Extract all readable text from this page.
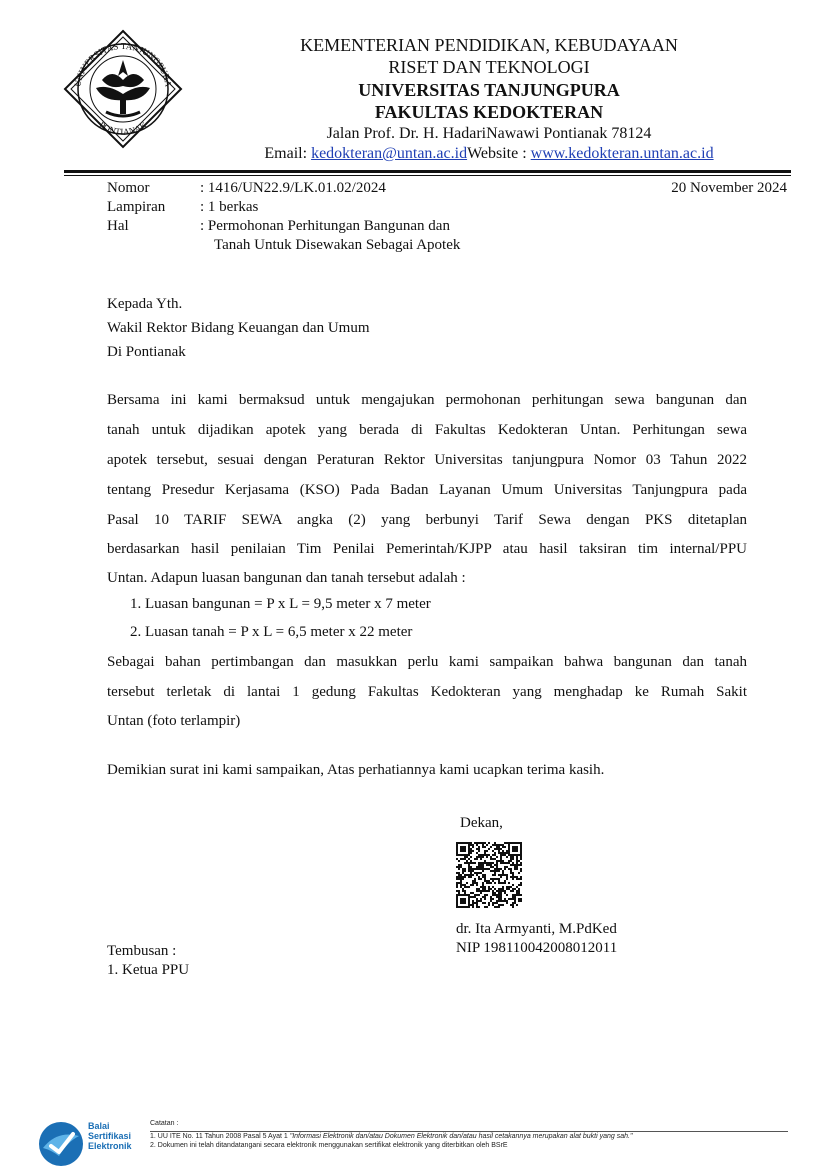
UNIVERSITAS TANJUNGPURA
PONTIANAK
KEMENTERIAN PENDIDIKAN, KEBUDAYAAN
RISET DAN TEKNOLOGI
UNIVERSITAS TANJUNGPURA
FAKULTAS KEDOKTERAN
Jalan Prof. Dr. H. HadariNawawi Pontianak 78124
Email: kedokteran@untan.ac.idWebsite : www.kedokteran.untan.ac.id
Nomor	: 1416/UN22.9/LK.01.02/2024
Lampiran : 1 berkas
Hal	: Permohonan Perhitungan Bangunan dan
Tanah Untuk Disewakan Sebagai Apotek
20 November 2024
Kepada Yth.
Wakil Rektor Bidang Keuangan dan Umum
Di Pontianak
Bersama ini kami bermaksud untuk mengajukan permohonan perhitungan sewa bangunan dan
tanah untuk dijadikan apotek yang berada di Fakultas Kedokteran Untan. Perhitungan sewa
apotek tersebut, sesuai dengan Peraturan Rektor Universitas tanjungpura Nomor 03 Tahun 2022
tentang Presedur Kerjasama (KSO) Pada Badan Layanan Umum Universitas Tanjungpura pada
Pasal 10 TARIF SEWA angka (2) yang berbunyi Tarif Sewa dengan PKS ditetaplan
berdasarkan hasil penilaian Tim Penilai Pemerintah/KJPP atau hasil taksiran tim internal/PPU
Untan. Adapun luasan bangunan dan tanah tersebut adalah :
1. Luasan bangunan = P x L = 9,5 meter x 7 meter
2. Luasan tanah = P x L = 6,5 meter x 22 meter
Sebagai bahan pertimbangan dan masukkan perlu kami sampaikan bahwa bangunan dan tanah
tersebut terletak di lantai 1 gedung Fakultas Kedokteran yang menghadap ke Rumah Sakit
Untan (foto terlampir)
Demikian surat ini kami sampaikan, Atas perhatiannya kami ucapkan terima kasih.
Dekan,
dr. Ita Armyanti, M.PdKed
NIP 198110042008012011
Tembusan :
1. Ketua PPU
Balai
Sertifikasi
Elektronik
Catatan :
1. UU ITE No. 11 Tahun 2008 Pasal 5 Ayat 1 "Informasi Elektronik dan/atau Dokumen Elektronik dan/atau hasil cetakannya merupakan alat bukti yang sah."
2. Dokumen ini telah ditandatangani secara elektronik menggunakan sertifikat elektronik yang diterbitkan oleh BSrE
